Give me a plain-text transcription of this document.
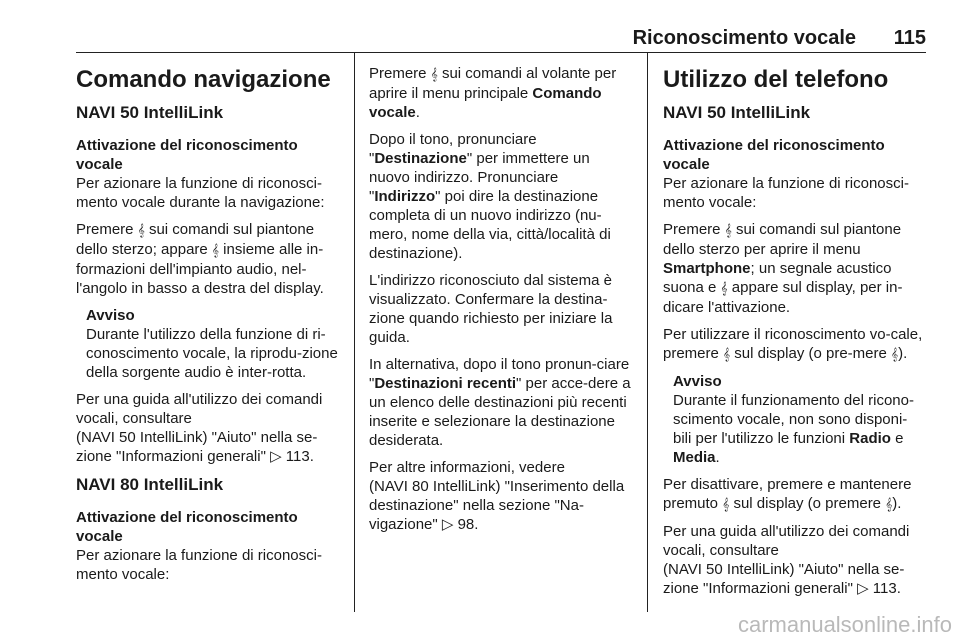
Riconoscimento vocale 115
Comando navigazione
NAVI 50 IntelliLink
Attivazione del riconoscimento vocale

Per azionare la funzione di riconosci-mento vocale durante la navigazione:

Premere 𝄞 sui comandi sul piantone dello sterzo; appare 𝄞 insieme alle in-formazioni dell'impianto audio, nel-l'angolo in basso a destra del display.

Avviso
Durante l'utilizzo della funzione di ri-conoscimento vocale, la riprodu-zione della sorgente audio è inter-rotta.

Per una guida all'utilizzo dei comandi vocali, consultare
(NAVI 50 IntelliLink) "Aiuto" nella se-zione "Informazioni generali" ▷ 113.

NAVI 80 IntelliLink
Attivazione del riconoscimento vocale

Per azionare la funzione di riconosci-mento vocale:

Premere 𝄞 sui comandi al volante per aprire il menu principale Comando vocale.

Dopo il tono, pronunciare "Destinazione" per immettere un nuovo indirizzo. Pronunciare "Indirizzo" poi dire la destinazione completa di un nuovo indirizzo (nu-mero, nome della via, città/località di destinazione).

L'indirizzo riconosciuto dal sistema è visualizzato. Confermare la destina-zione quando richiesto per iniziare la guida.

In alternativa, dopo il tono pronun-ciare "Destinazioni recenti" per acce-dere a un elenco delle destinazioni più recenti inserite e selezionare la destinazione desiderata.

Per altre informazioni, vedere
(NAVI 80 IntelliLink) "Inserimento della destinazione" nella sezione "Na-vigazione" ▷ 98.

Utilizzo del telefono
NAVI 50 IntelliLink
Attivazione del riconoscimento vocale

Per azionare la funzione di riconosci-mento vocale:

Premere 𝄞 sui comandi sul piantone dello sterzo per aprire il menu Smartphone; un segnale acustico suona e 𝄞 appare sul display, per in-dicare l'attivazione.

Per utilizzare il riconoscimento vo-cale, premere 𝄞 sul display (o pre-mere 𝄞).

Avviso
Durante il funzionamento del ricono-scimento vocale, non sono disponi-bili per l'utilizzo le funzioni Radio e Media.

Per disattivare, premere e mantenere premuto 𝄞 sul display (o premere 𝄞).

Per una guida all'utilizzo dei comandi vocali, consultare
(NAVI 50 IntelliLink) "Aiuto" nella se-zione "Informazioni generali" ▷ 113.

carmanualsonline.info
